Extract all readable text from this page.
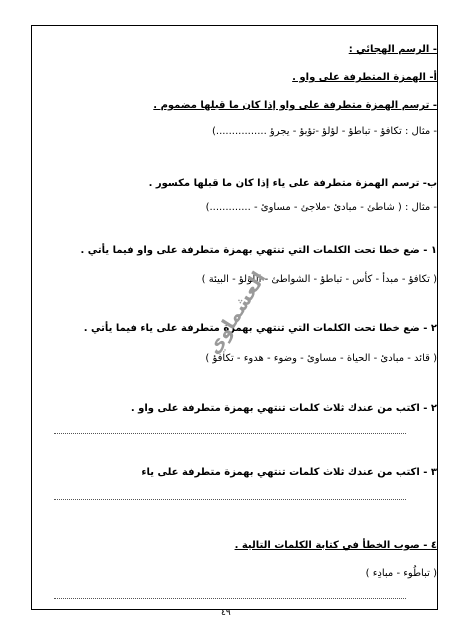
- الرسم الهجائي :
أ- الهمزة المتطرفة على واو .
- ترسم الهمزة متطرفة على واو إذا كان ما قبلها مضموم .
- مثال : تكافؤ - تباطؤ - لؤلؤ -تؤبؤ - يجرؤ ................)
ب- ترسم الهمزة متطرفة على ياء إذا كان ما قبلها مكسور .
- مثال : ( شاطئ - مبادئ -ملاجئ - مساوئ - .............)
١ - ضع خطا تحت الكلمات التي تنتهي بهمزة متطرفة على واو فيما يأتي .
( تكافؤ - مبدأ - كأس - تباطؤ - الشواطئ - اللؤلؤ - البيئة )
٢ - ضع خطا تحت الكلمات التي تنتهي بهمزة متطرفة على ياء فيما يأتي .
( قائد - مبادئ - الحياة - مساوئ - وضوء - هدوء - تكافؤ )
٢ - اكتب من عندك ثلاث كلمات تنتهي بهمزة متطرفة على واو .
٣ - اكتب من عندك ثلاث كلمات تنتهي بهمزة متطرفة على ياء
٤ - صوب الخطأ في كتابة الكلمات التالية .
( تباطُوء - مبادِء )
العشماوي
٤٩
